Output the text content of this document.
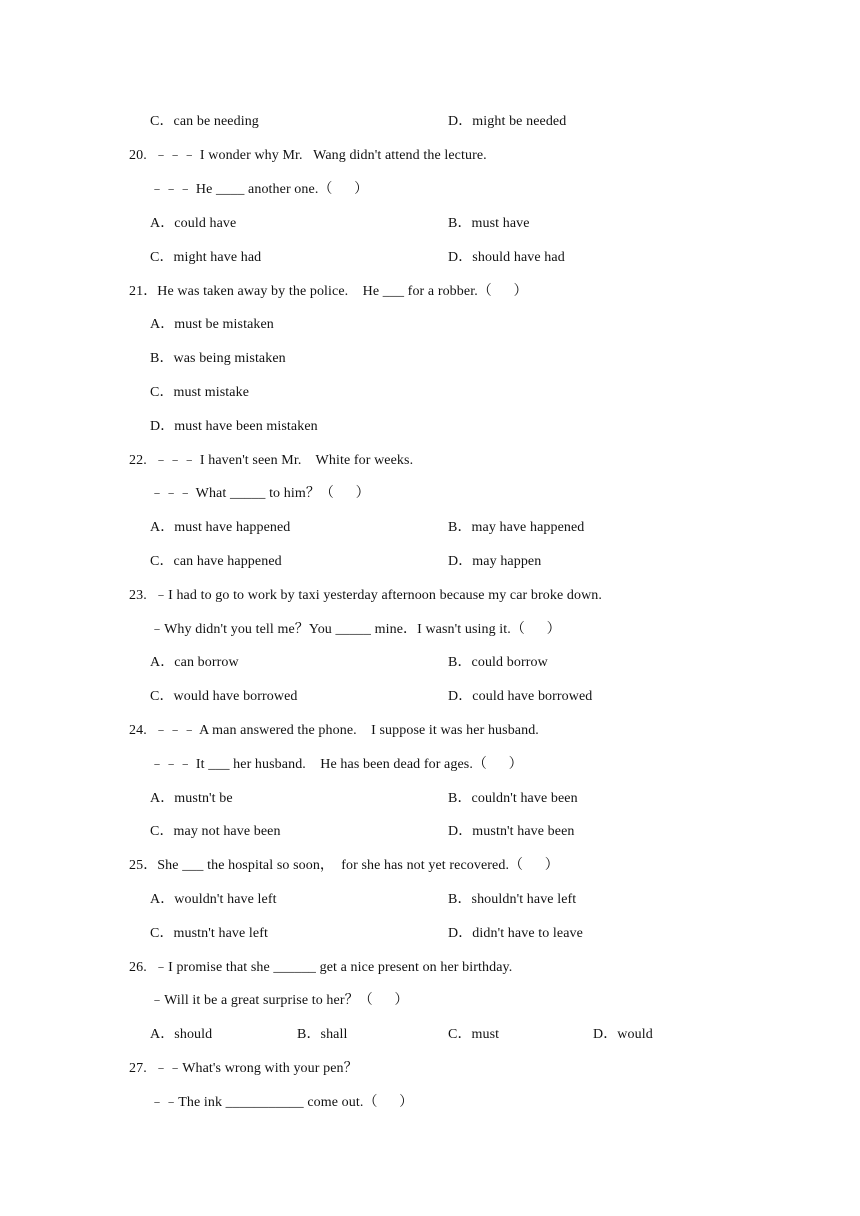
C．can be needing	D．might be needed
20.  ﹣﹣﹣ I wonder why Mr.   Wang didn't attend the lecture.
﹣﹣﹣ He ____ another one.（      ）
A．could have	B．must have
C．might have had	D．should have had
21．He was taken away by the police.    He ___ for a robber.（      ）
A．must be mistaken
B．was being mistaken
C．must mistake
D．must have been mistaken
22.  ﹣﹣﹣ I haven't seen Mr.    White for weeks.
﹣﹣﹣ What _____ to him？（      ）
A．must have happened	B．may have happened
C．can have happened	D．may happen
23.  ﹣I had to go to work by taxi yesterday afternoon because my car broke down.
﹣Why didn't you tell me？You _____ mine．I wasn't using it.（      ）
A．can borrow	B．could borrow
C．would have borrowed	D．could have borrowed
24.  ﹣﹣﹣ A man answered the phone.    I suppose it was her husband.
﹣﹣﹣ It ___ her husband.    He has been dead for ages.（      ）
A．mustn't be	B．couldn't have been
C．may not have been	D．mustn't have been
25．She ___ the hospital so soon，  for she has not yet recovered.（      ）
A．wouldn't have left	B．shouldn't have left
C．mustn't have left	D．didn't have to leave
26.  ﹣I promise that she ______ get a nice present on her birthday.
﹣Will it be a great surprise to her？（      ）
A．should	B．shall	C．must	D．would
27.  ﹣﹣What's wrong with your pen？
﹣﹣The ink ___________ come out.（      ）
